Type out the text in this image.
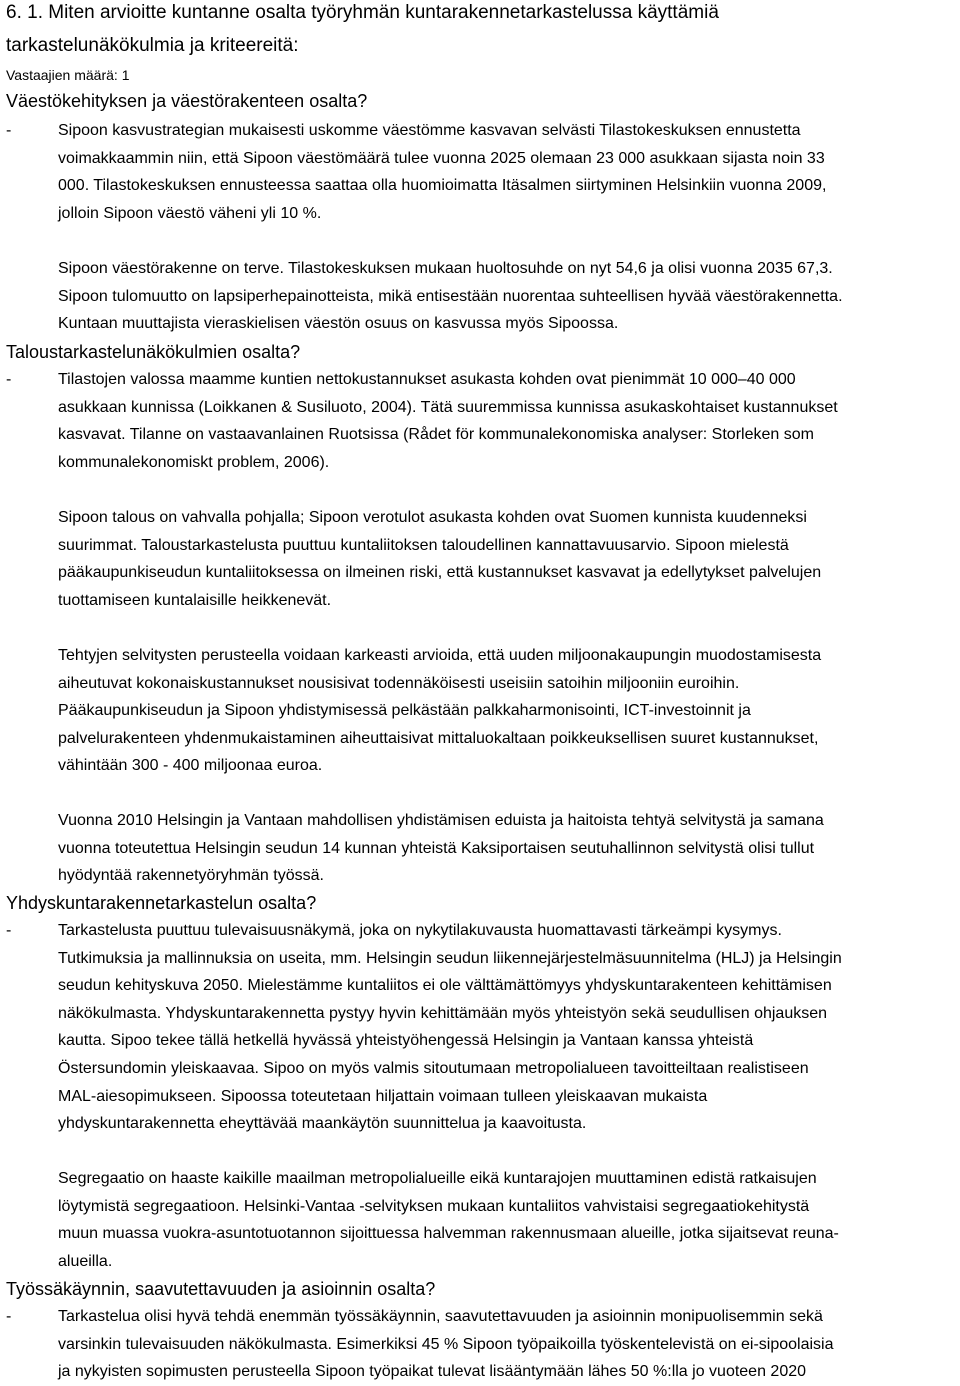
6. 1. Miten arvioitte kuntanne osalta työryhmän kuntarakennetarkastelussa käyttämiä
tarkastelunäkökulmia ja kriteereitä:
Vastaajien määrä: 1
Väestökehityksen ja väestörakenteen osalta?
-	Sipoon kasvustrategian mukaisesti uskomme väestömme kasvavan selvästi Tilastokeskuksen ennustetta
voimakkaammin niin, että Sipoon väestömäärä tulee vuonna 2025 olemaan 23 000 asukkaan sijasta noin 33
000. Tilastokeskuksen ennusteessa saattaa olla huomioimatta Itäsalmen siirtyminen Helsinkiin vuonna 2009,
jolloin Sipoon väestö väheni yli 10 %.
Sipoon väestörakenne on terve. Tilastokeskuksen mukaan huoltosuhde on nyt 54,6 ja olisi vuonna 2035 67,3.
Sipoon tulomuutto on lapsiperhepainotteista, mikä entisestään nuorentaa suhteellisen hyvää väestörakennetta.
Kuntaan muuttajista vieraskielisen väestön osuus on kasvussa myös Sipoossa.
Taloustarkastelunäkökulmien osalta?
-	Tilastojen valossa maamme kuntien nettokustannukset asukasta kohden ovat pienimmät 10 000–40 000
asukkaan kunnissa (Loikkanen & Susiluoto, 2004). Tätä suuremmissa kunnissa asukaskohtaiset kustannukset
kasvavat. Tilanne on vastaavanlainen Ruotsissa (Rådet för kommunalekonomiska analyser: Storleken som
kommunalekonomiskt problem, 2006).
Sipoon talous on vahvalla pohjalla; Sipoon verotulot asukasta kohden ovat Suomen kunnista kuudenneksi
suurimmat. Taloustarkastelusta puuttuu kuntaliitoksen taloudellinen kannattavuusarvio. Sipoon mielestä
pääkaupunkiseudun kuntaliitoksessa on ilmeinen riski, että kustannukset kasvavat ja edellytykset palvelujen
tuottamiseen kuntalaisille heikkenevät.
Tehtyjen selvitysten perusteella voidaan karkeasti arvioida, että uuden miljoonakaupungin muodostamisesta
aiheutuvat kokonaiskustannukset nousisivat todennäköisesti useisiin satoihin miljooniin euroihin.
Pääkaupunkiseudun ja Sipoon yhdistymisessä pelkästään palkkaharmonisointi, ICT-investoinnit ja
palvelurakenteen yhdenmukaistaminen aiheuttaisivat mittaluokaltaan poikkeuksellisen suuret kustannukset,
vähintään 300 - 400 miljoonaa euroa.
Vuonna 2010 Helsingin ja Vantaan mahdollisen yhdistämisen eduista ja haitoista tehtyä selvitystä ja samana
vuonna toteutettua Helsingin seudun 14 kunnan yhteistä Kaksiportaisen seutuhallinnon selvitystä olisi tullut
hyödyntää rakennetyöryhmän työssä.
Yhdyskuntarakennetarkastelun osalta?
-	Tarkastelusta puuttuu tulevaisuusnäkymä, joka on nykytilakuvausta huomattavasti tärkeämpi kysymys.
Tutkimuksia ja mallinnuksia on useita, mm. Helsingin seudun liikennejärjestelmäsuunnitelma (HLJ) ja Helsingin
seudun kehityskuva 2050. Mielestämme kuntaliitos ei ole välttämättömyys yhdyskuntarakenteen kehittämisen
näkökulmasta. Yhdyskuntarakennetta pystyy hyvin kehittämään myös yhteistyön sekä seudullisen ohjauksen
kautta. Sipoo tekee tällä hetkellä hyvässä yhteistyöhengessä Helsingin ja Vantaan kanssa yhteistä
Östersundomin yleiskaavaa. Sipoo on myös valmis sitoutumaan metropolialueen tavoitteiltaan realistiseen
MAL-aiesopimukseen. Sipoossa toteutetaan hiljattain voimaan tulleen yleiskaavan mukaista
yhdyskuntarakennetta eheyttävää maankäytön suunnittelua ja kaavoitusta.
Segregaatio on haaste kaikille maailman metropolialueille eikä kuntarajojen muuttaminen edistä ratkaisujen
löytymistä segregaatioon. Helsinki-Vantaa -selvityksen mukaan kuntaliitos vahvistaisi segregaatiokehitystä
muun muassa vuokra-asuntotuotannon sijoittuessa halvemman rakennusmaan alueille, jotka sijaitsevat reuna-
alueilla.
Työssäkäynnin, saavutettavuuden ja asioinnin osalta?
-	Tarkastelua olisi hyvä tehdä enemmän työssäkäynnin, saavutettavuuden ja asioinnin monipuolisemmin sekä
varsinkin tulevaisuuden näkökulmasta. Esimerkiksi 45 % Sipoon työpaikoilla työskentelevistä on ei-sipoolaisia
ja nykyisten sopimusten perusteella Sipoon työpaikat tulevat lisääntymään lähes 50 %:lla jo vuoteen 2020
